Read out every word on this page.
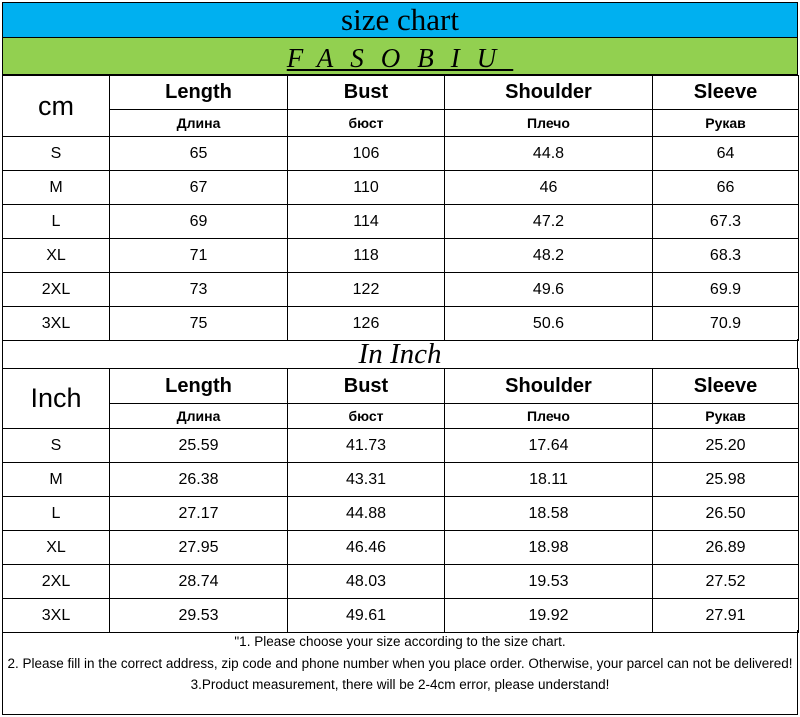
size chart
FASOBIU
cm	Length	Bust	Shoulder	Sleeve
	Длина	бюст	Плечо	Рукав
S	65	106	44.8	64
M	67	110	46	66
L	69	114	47.2	67.3
XL	71	118	48.2	68.3
2XL	73	122	49.6	69.9
3XL	75	126	50.6	70.9
In Inch
Inch	Length	Bust	Shoulder	Sleeve
	Длина	бюст	Плечо	Рукав
S	25.59	41.73	17.64	25.20
M	26.38	43.31	18.11	25.98
L	27.17	44.88	18.58	26.50
XL	27.95	46.46	18.98	26.89
2XL	28.74	48.03	19.53	27.52
3XL	29.53	49.61	19.92	27.91
"1. Please choose your size according to the size chart.
2. Please fill in the correct address, zip code and phone number when you place order. Otherwise, your parcel can not be delivered!
3.Product measurement, there will be 2-4cm error, please understand!
